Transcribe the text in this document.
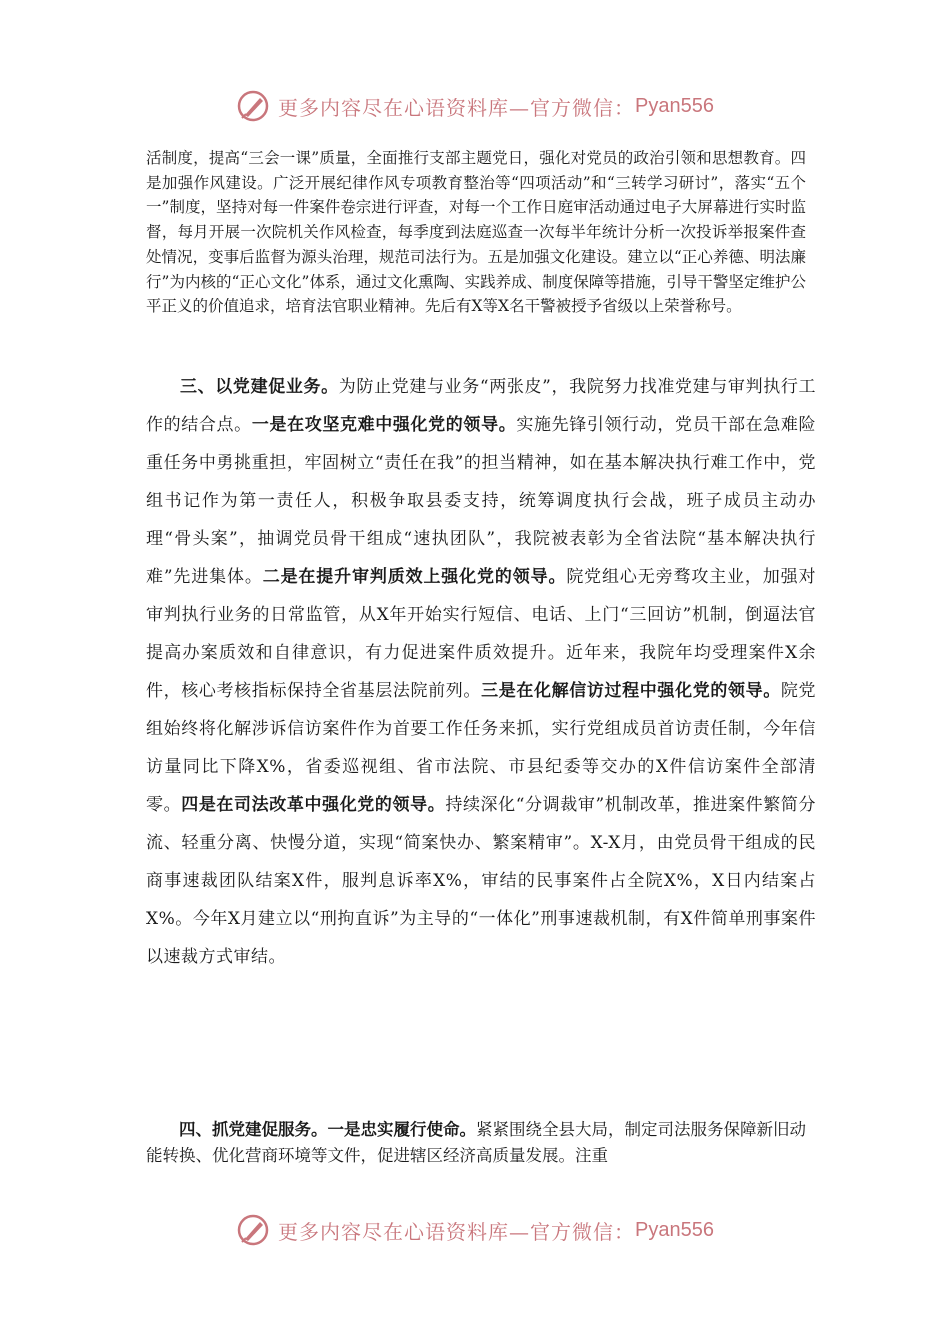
更多内容尽在心语资料库—官方微信： Pyan556
活制度，提高“三会一课”质量，全面推行支部主题党日，强化对党员的政治引领和思想教育。四是加强作风建设。广泛开展纪律作风专项教育整治等“四项活动”和“三转学习研讨”，落实“五个一”制度，坚持对每一件案件卷宗进行评查，对每一个工作日庭审活动通过电子大屏幕进行实时监督，每月开展一次院机关作风检查，每季度到法庭巡查一次每半年统计分析一次投诉举报案件查处情况，变事后监督为源头治理，规范司法行为。五是加强文化建设。建立以“正心养德、明法廉行”为内核的“正心文化”体系，通过文化熏陶、实践养成、制度保障等措施，引导干警坚定维护公平正义的价值追求，培育法官职业精神。先后有X等X名干警被授予省级以上荣誉称号。
三、以党建促业务。为防止党建与业务“两张皮”，我院努力找准党建与审判执行工作的结合点。一是在攻坚克难中强化党的领导。实施先锋引领行动，党员干部在急难险重任务中勇挑重担，牢固树立“责任在我”的担当精神，如在基本解决执行难工作中，党组书记作为第一责任人，积极争取县委支持，统筹调度执行会战，班子成员主动办理“骨头案”，抽调党员骨干组成“速执团队”，我院被表彰为全省法院“基本解决执行难”先进集体。二是在提升审判质效上强化党的领导。院党组心无旁骛攻主业，加强对审判执行业务的日常监管，从X年开始实行短信、电话、上门“三回访”机制，倒逼法官提高办案质效和自律意识，有力促进案件质效提升。近年来，我院年均受理案件X余件，核心考核指标保持全省基层法院前列。三是在化解信访过程中强化党的领导。院党组始终将化解涉诉信访案件作为首要工作任务来抓，实行党组成员首访责任制，今年信访量同比下降X%，省委巡视组、省市法院、市县纪委等交办的X件信访案件全部清零。四是在司法改革中强化党的领导。持续深化“分调裁审”机制改革，推进案件繁简分流、轻重分离、快慢分道，实现“简案快办、繁案精审”。X-X月，由党员骨干组成的民商事速裁团队结案X件，服判息诉率X%，审结的民事案件占全院X%，X日内结案占X%。今年X月建立以“刑拘直诉”为主导的“一体化”刑事速裁机制，有X件简单刑事案件以速裁方式审结。
四、抓党建促服务。一是忠实履行使命。紧紧围绕全县大局，制定司法服务保障新旧动能转换、优化营商环境等文件，促进辖区经济高质量发展。注重
更多内容尽在心语资料库—官方微信： Pyan556
